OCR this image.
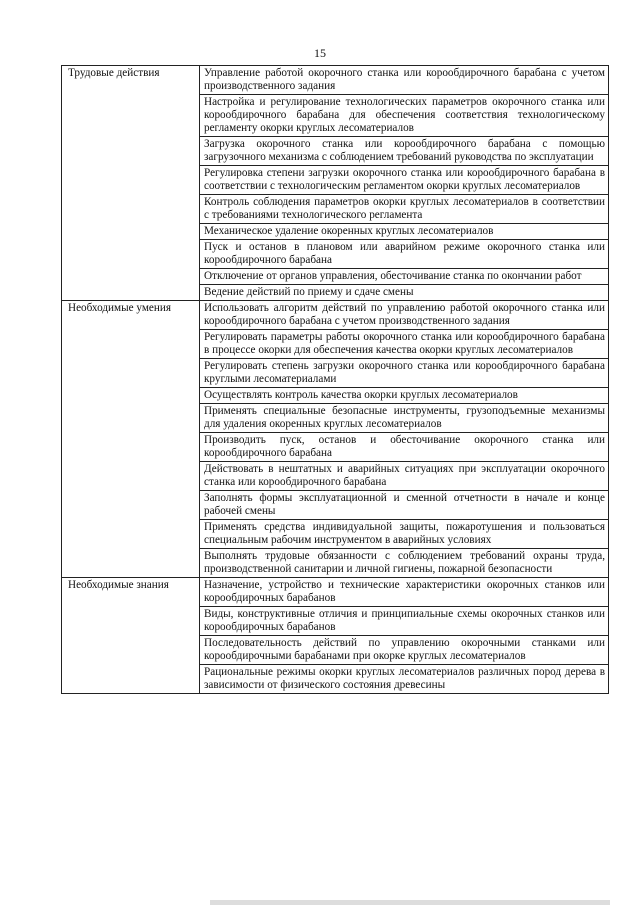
15
Трудовые действия	Управление работой окорочного станка или корообдирочного барабана с учетом производственного задания
	Настройка и регулирование технологических параметров окорочного станка или корообдирочного барабана для обеспечения соответствия технологическому регламенту окорки круглых лесоматериалов
	Загрузка окорочного станка или корообдирочного барабана с помощью загрузочного механизма с соблюдением требований руководства по эксплуатации
	Регулировка степени загрузки окорочного станка или корообдирочного барабана в соответствии с технологическим регламентом окорки круглых лесоматериалов
	Контроль соблюдения параметров окорки круглых лесоматериалов в соответствии с требованиями технологического регламента
	Механическое удаление окоренных круглых лесоматериалов
	Пуск и останов в плановом или аварийном режиме окорочного станка или корообдирочного барабана
	Отключение от органов управления, обесточивание станка по окончании работ
	Ведение действий по приему и сдаче смены
Необходимые умения	Использовать алгоритм действий по управлению работой окорочного станка или корообдирочного барабана с учетом производственного задания
	Регулировать параметры работы окорочного станка или корообдирочного барабана в процессе окорки для обеспечения качества окорки круглых лесоматериалов
	Регулировать степень загрузки окорочного станка или корообдирочного барабана круглыми лесоматериалами
	Осуществлять контроль качества окорки круглых лесоматериалов
	Применять специальные безопасные инструменты, грузоподъемные механизмы для удаления окоренных круглых лесоматериалов
	Производить пуск, останов и обесточивание окорочного станка или корообдирочного барабана
	Действовать в нештатных и аварийных ситуациях при эксплуатации окорочного станка или корообдирочного барабана
	Заполнять формы эксплуатационной и сменной отчетности в начале и конце рабочей смены
	Применять средства индивидуальной защиты, пожаротушения и пользоваться специальным рабочим инструментом в аварийных условиях
	Выполнять трудовые обязанности с соблюдением требований охраны труда, производственной санитарии и личной гигиены, пожарной безопасности
Необходимые знания	Назначение, устройство и технические характеристики окорочных станков или корообдирочных барабанов
	Виды, конструктивные отличия и принципиальные схемы окорочных станков или корообдирочных барабанов
	Последовательность действий по управлению окорочными станками или корообдирочными барабанами при окорке круглых лесоматериалов
	Рациональные режимы окорки круглых лесоматериалов различных пород дерева в зависимости от физического состояния древесины
